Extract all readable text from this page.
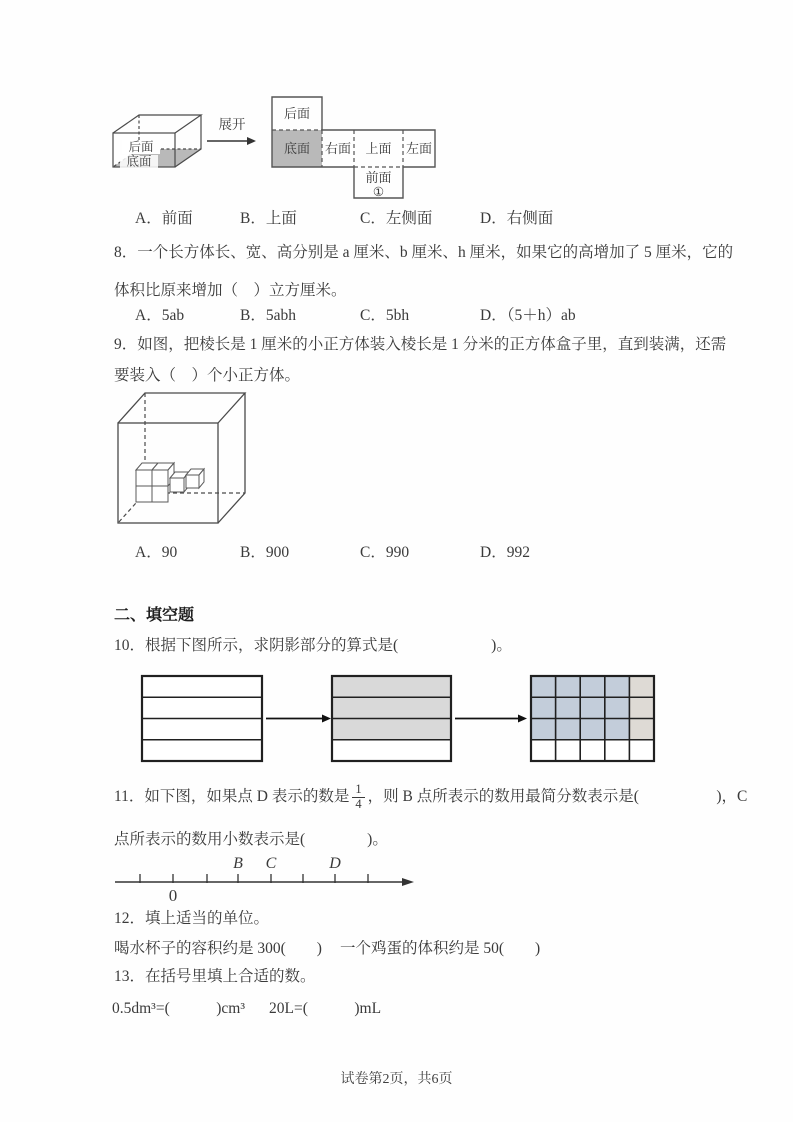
后面
底面
展开
后面
底面 右面 上面 左面
前面
①
A．前面	B．上面	C．左侧面	D．右侧面
8．一个长方体长、宽、高分别是 a 厘米、b 厘米、h 厘米，如果它的高增加了 5 厘米，它的
体积比原来增加（　）立方厘米。
A．5ab	B．5abh	C．5bh	D．（5＋h）ab
9．如图，把棱长是 1 厘米的小正方体装入棱长是 1 分米的正方体盒子里，直到装满，还需
要装入（　）个小正方体。
A．90	B．900	C．990	D．992
二、填空题
10．根据下图所示，求阴影部分的算式是(　　　　　　)。
11．如下图，如果点 D 表示的数是 $\frac{1}{4}$ ，则 B 点所表示的数用最简分数表示是(　　　　　)，C
点所表示的数用小数表示是(　　　　)。
0
B C	D
12．填上适当的单位。
喝水杯子的容积约是 300(　　) 一个鸡蛋的体积约是 50(　　)
13．在括号里填上合适的数。
0.5dm³=(　　　)cm³ 20L=(　　　)mL
试卷第2页，共6页
